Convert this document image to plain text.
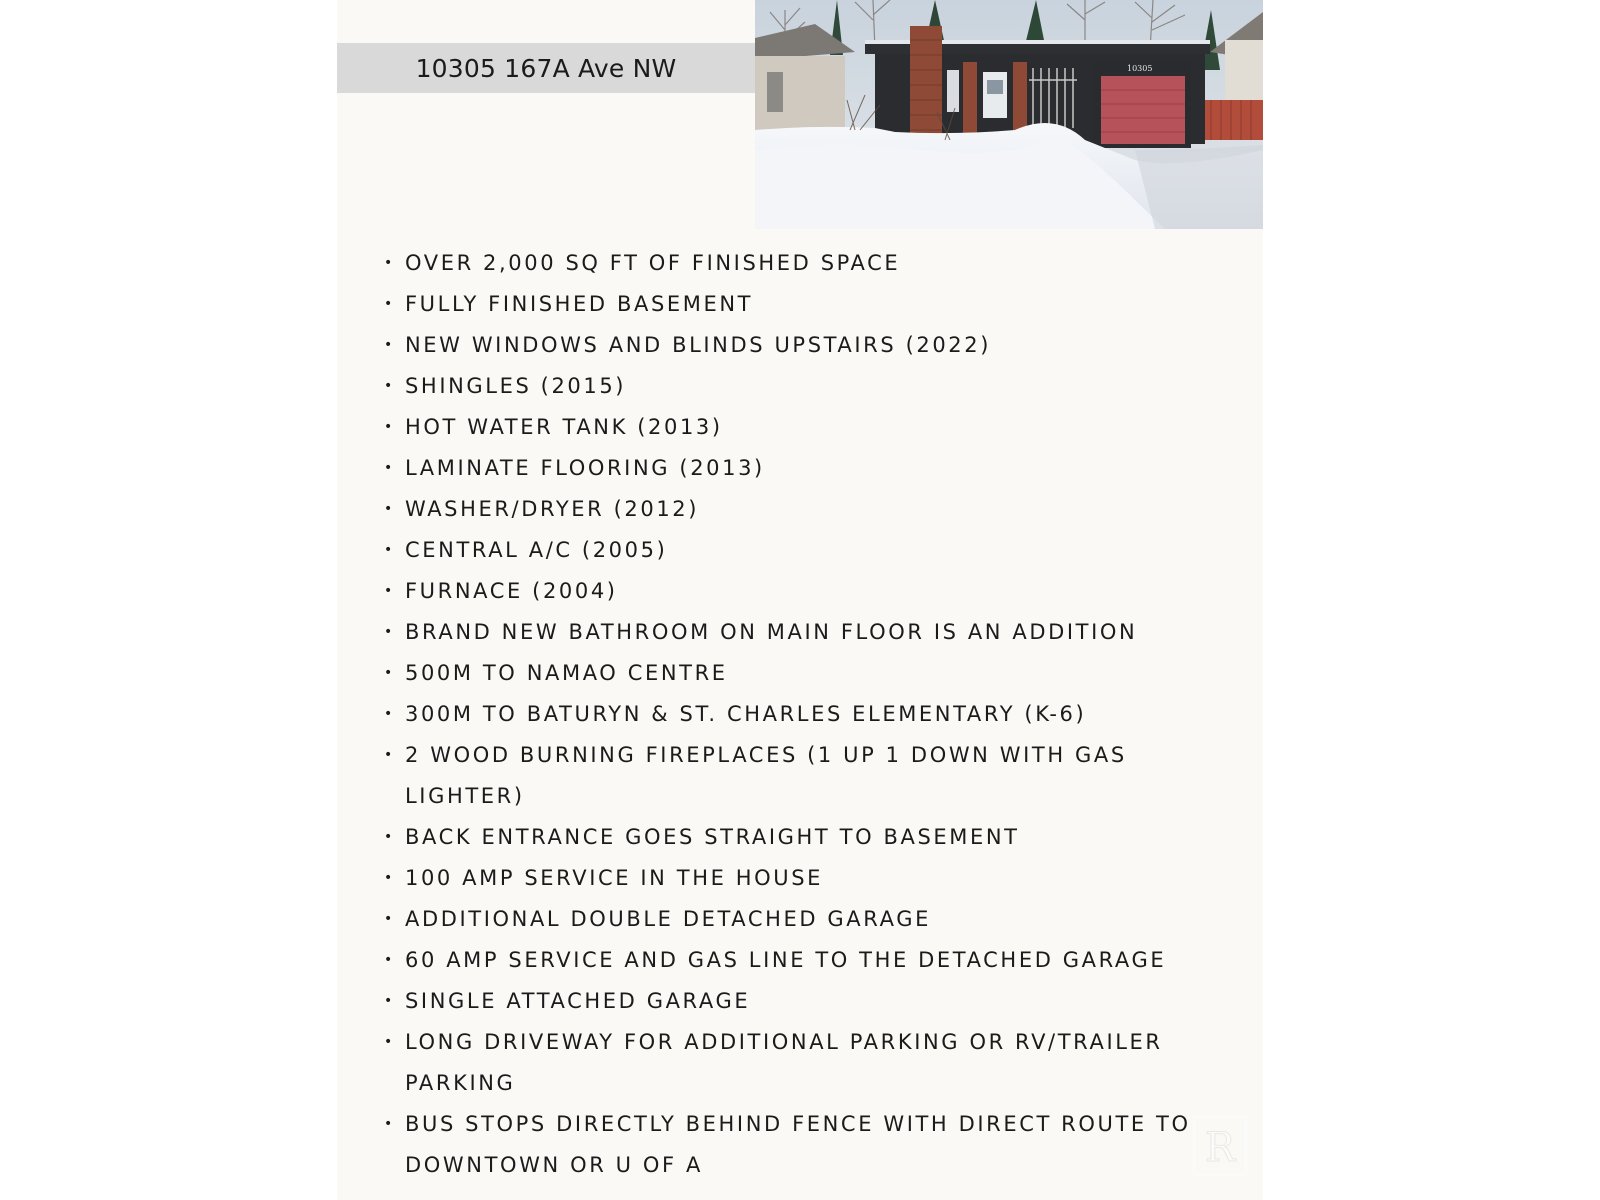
10305 167A Ave NW	10305
• OVER 2,000 SQ FT OF FINISHED SPACE
• FULLY FINISHED BASEMENT
• NEW WINDOWS AND BLINDS UPSTAIRS (2022)
• SHINGLES (2015)
• HOT WATER TANK (2013)
• LAMINATE FLOORING (2013)
• WASHER/DRYER (2012)
• CENTRAL A/C (2005)
• FURNACE (2004)
• BRAND NEW BATHROOM ON MAIN FLOOR IS AN ADDITION
• 500M TO NAMAO CENTRE
• 300M TO BATURYN & ST. CHARLES ELEMENTARY (K-6)
• 2 WOOD BURNING FIREPLACES (1 UP 1 DOWN WITH GAS LIGHTER)
• BACK ENTRANCE GOES STRAIGHT TO BASEMENT
• 100 AMP SERVICE IN THE HOUSE
• ADDITIONAL DOUBLE DETACHED GARAGE
• 60 AMP SERVICE AND GAS LINE TO THE DETACHED GARAGE
• SINGLE ATTACHED GARAGE
• LONG DRIVEWAY FOR ADDITIONAL PARKING OR RV/TRAILER PARKING
• BUS STOPS DIRECTLY BEHIND FENCE WITH DIRECT ROUTE TO DOWNTOWN OR U OF A	R
